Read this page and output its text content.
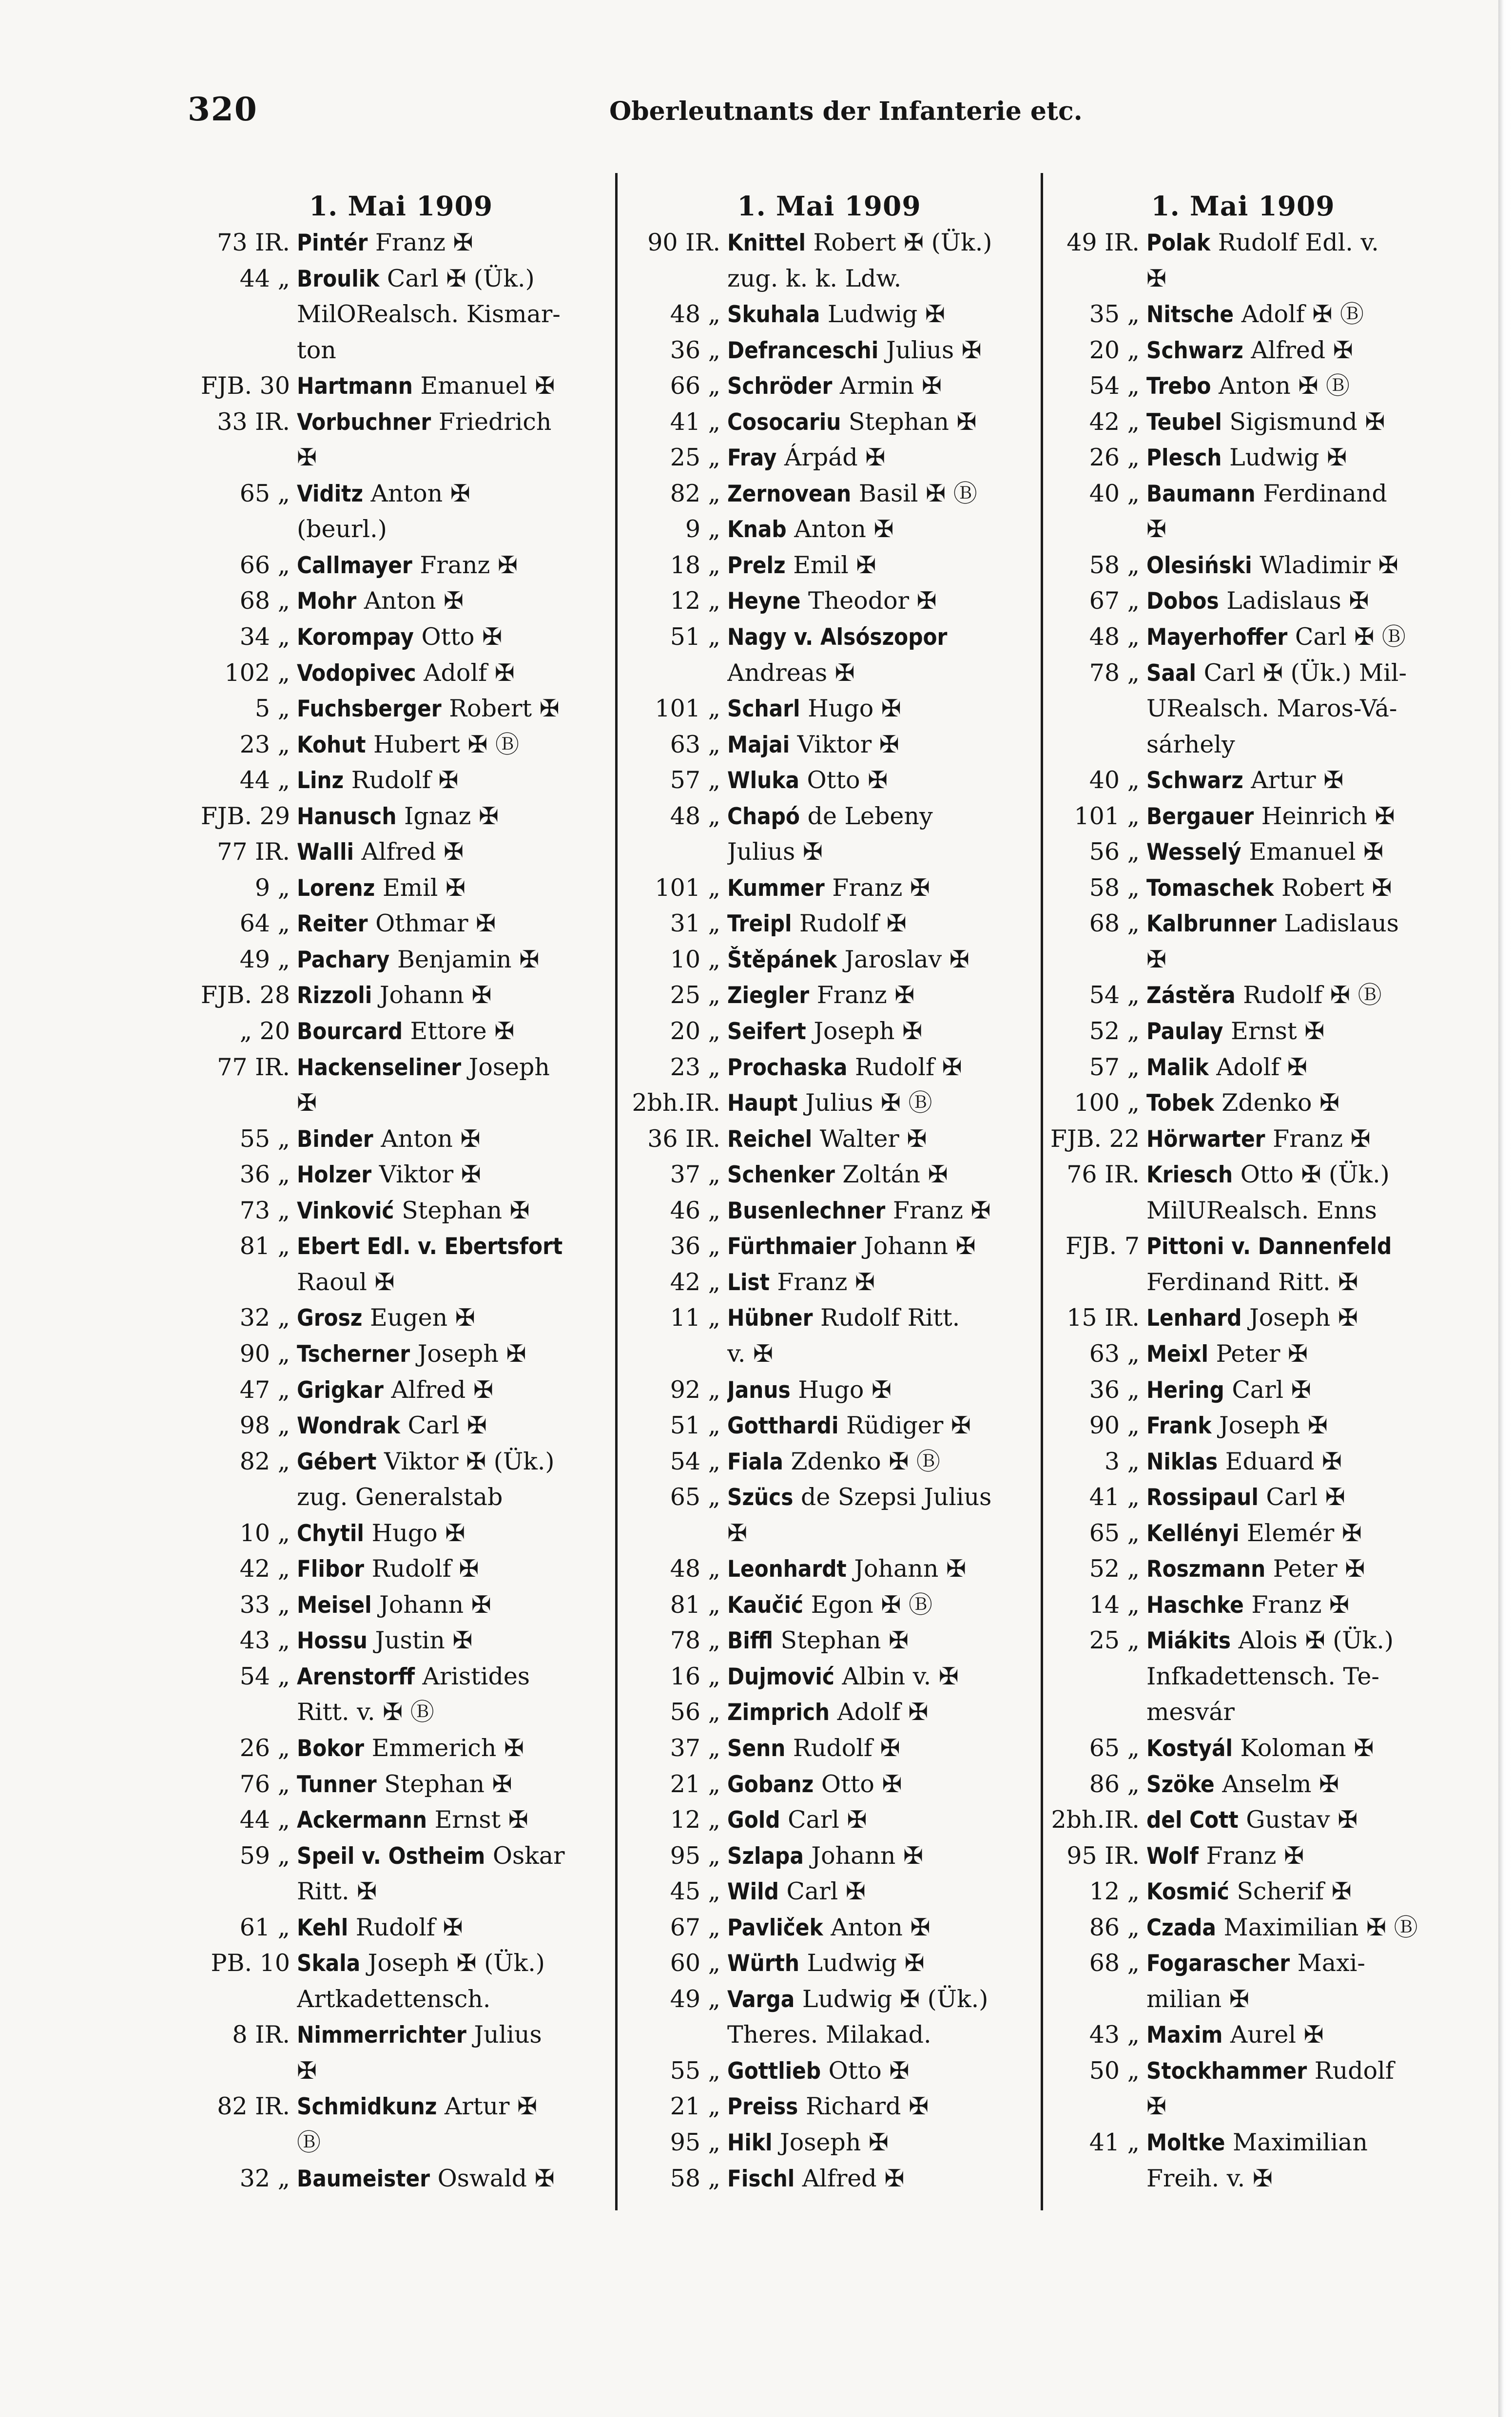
320	Oberleutnants der Infanterie etc.
1. Mai 1909
73 IR. Pintér Franz ✠
44 „ Broulik Carl ✠ (Ük.)
MilORealsch. Kismar-
ton
FJB. 30 Hartmann Emanuel ✠
33 IR. Vorbuchner Friedrich
✠
65 „ Viditz Anton ✠
(beurl.)
66 „ Callmayer Franz ✠
68 „ Mohr Anton ✠
34 „ Korompay Otto ✠
102 „ Vodopivec Adolf ✠
5 „ Fuchsberger Robert ✠
23 „ Kohut Hubert ✠ Ⓑ
44 „ Linz Rudolf ✠
FJB. 29 Hanusch Ignaz ✠
77 IR. Walli Alfred ✠
9 „ Lorenz Emil ✠
64 „ Reiter Othmar ✠
49 „ Pachary Benjamin ✠
FJB. 28 Rizzoli Johann ✠
„ 20 Bourcard Ettore ✠
77 IR. Hackenseliner Joseph
✠
55 „ Binder Anton ✠
36 „ Holzer Viktor ✠
73 „ Vinković Stephan ✠
81 „ Ebert Edl. v. Ebertsfort
Raoul ✠
32 „ Grosz Eugen ✠
90 „ Tscherner Joseph ✠
47 „ Grigkar Alfred ✠
98 „ Wondrak Carl ✠
82 „ Gébert Viktor ✠ (Ük.)
zug. Generalstab
10 „ Chytil Hugo ✠
42 „ Flibor Rudolf ✠
33 „ Meisel Johann ✠
43 „ Hossu Justin ✠
54 „ Arenstorff Aristides
Ritt. v. ✠ Ⓑ
26 „ Bokor Emmerich ✠
76 „ Tunner Stephan ✠
44 „ Ackermann Ernst ✠
59 „ Speil v. Ostheim Oskar
Ritt. ✠
61 „ Kehl Rudolf ✠
PB. 10 Skala Joseph ✠ (Ük.)
Artkadettensch.
8 IR. Nimmerrichter Julius
✠
82 IR. Schmidkunz Artur ✠
Ⓑ
32 „ Baumeister Oswald ✠
1. Mai 1909
90 IR. Knittel Robert ✠ (Ük.)
zug. k. k. Ldw.
48 „ Skuhala Ludwig ✠
36 „ Defranceschi Julius ✠
66 „ Schröder Armin ✠
41 „ Cosocariu Stephan ✠
25 „ Fray Árpád ✠
82 „ Zernovean Basil ✠ Ⓑ
9 „ Knab Anton ✠
18 „ Prelz Emil ✠
12 „ Heyne Theodor ✠
51 „ Nagy v. Alsószopor
Andreas ✠
101 „ Scharl Hugo ✠
63 „ Majai Viktor ✠
57 „ Wluka Otto ✠
48 „ Chapó de Lebeny
Julius ✠
101 „ Kummer Franz ✠
31 „ Treipl Rudolf ✠
10 „ Štěpánek Jaroslav ✠
25 „ Ziegler Franz ✠
20 „ Seifert Joseph ✠
23 „ Prochaska Rudolf ✠
2bh.IR. Haupt Julius ✠ Ⓑ
36 IR. Reichel Walter ✠
37 „ Schenker Zoltán ✠
46 „ Busenlechner Franz ✠
36 „ Fürthmaier Johann ✠
42 „ List Franz ✠
11 „ Hübner Rudolf Ritt.
v. ✠
92 „ Janus Hugo ✠
51 „ Gotthardi Rüdiger ✠
54 „ Fiala Zdenko ✠ Ⓑ
65 „ Szücs de Szepsi Julius
✠
48 „ Leonhardt Johann ✠
81 „ Kaučić Egon ✠ Ⓑ
78 „ Biffl Stephan ✠
16 „ Dujmović Albin v. ✠
56 „ Zimprich Adolf ✠
37 „ Senn Rudolf ✠
21 „ Gobanz Otto ✠
12 „ Gold Carl ✠
95 „ Szlapa Johann ✠
45 „ Wild Carl ✠
67 „ Pavliček Anton ✠
60 „ Würth Ludwig ✠
49 „ Varga Ludwig ✠ (Ük.)
Theres. Milakad.
55 „ Gottlieb Otto ✠
21 „ Preiss Richard ✠
95 „ Hikl Joseph ✠
58 „ Fischl Alfred ✠
1. Mai 1909
49 IR. Polak Rudolf Edl. v.
✠
35 „ Nitsche Adolf ✠ Ⓑ
20 „ Schwarz Alfred ✠
54 „ Trebo Anton ✠ Ⓑ
42 „ Teubel Sigismund ✠
26 „ Plesch Ludwig ✠
40 „ Baumann Ferdinand
✠
58 „ Olesiński Wladimir ✠
67 „ Dobos Ladislaus ✠
48 „ Mayerhoffer Carl ✠ Ⓑ
78 „ Saal Carl ✠ (Ük.) Mil-
URealsch. Maros-Vá-
sárhely
40 „ Schwarz Artur ✠
101 „ Bergauer Heinrich ✠
56 „ Wesselý Emanuel ✠
58 „ Tomaschek Robert ✠
68 „ Kalbrunner Ladislaus
✠
54 „ Zástěra Rudolf ✠ Ⓑ
52 „ Paulay Ernst ✠
57 „ Malik Adolf ✠
100 „ Tobek Zdenko ✠
FJB. 22 Hörwarter Franz ✠
76 IR. Kriesch Otto ✠ (Ük.)
MilURealsch. Enns
FJB. 7 Pittoni v. Dannenfeld
Ferdinand Ritt. ✠
15 IR. Lenhard Joseph ✠
63 „ Meixl Peter ✠
36 „ Hering Carl ✠
90 „ Frank Joseph ✠
3 „ Niklas Eduard ✠
41 „ Rossipaul Carl ✠
65 „ Kellényi Elemér ✠
52 „ Roszmann Peter ✠
14 „ Haschke Franz ✠
25 „ Miákits Alois ✠ (Ük.)
Infkadettensch. Te-
mesvár
65 „ Kostyál Koloman ✠
86 „ Szöke Anselm ✠
2bh.IR. del Cott Gustav ✠
95 IR. Wolf Franz ✠
12 „ Kosmić Scherif ✠
86 „ Czada Maximilian ✠ Ⓑ
68 „ Fogarascher Maxi-
milian ✠
43 „ Maxim Aurel ✠
50 „ Stockhammer Rudolf
✠
41 „ Moltke Maximilian
Freih. v. ✠
